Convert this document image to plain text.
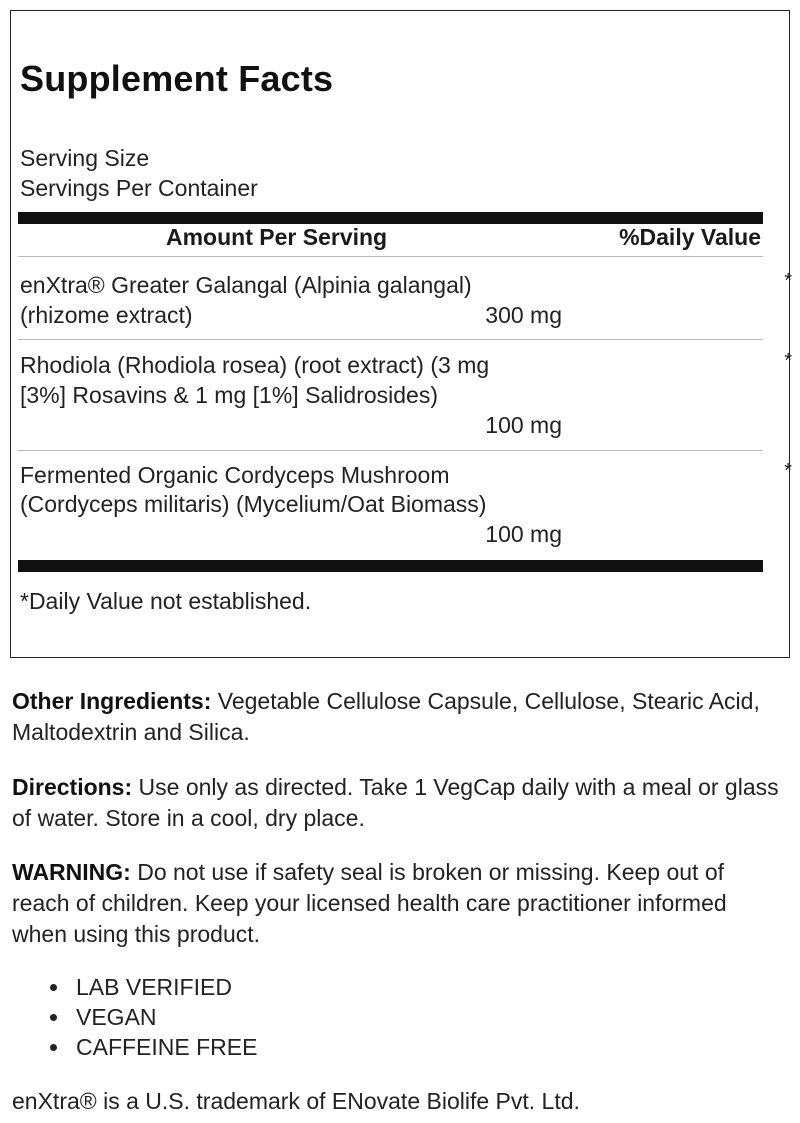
Supplement Facts
Serving Size
Servings Per Container
Amount Per Serving	%Daily Value
enXtra® Greater Galangal (Alpinia galangal)
(rhizome extract)	300 mg
*
Rhodiola (Rhodiola rosea) (root extract) (3 mg
[3%] Rosavins & 1 mg [1%] Salidrosides)
100 mg
*
Fermented Organic Cordyceps Mushroom
(Cordyceps militaris) (Mycelium/Oat Biomass)
100 mg
*
*Daily Value not established.

Other Ingredients: Vegetable Cellulose Capsule, Cellulose, Stearic Acid, Maltodextrin and Silica.

Directions: Use only as directed. Take 1 VegCap daily with a meal or glass of water. Store in a cool, dry place.

WARNING: Do not use if safety seal is broken or missing. Keep out of reach of children. Keep your licensed health care practitioner informed when using this product.

LAB VERIFIED
VEGAN
CAFFEINE FREE
enXtra® is a U.S. trademark of ENovate Biolife Pvt. Ltd.
